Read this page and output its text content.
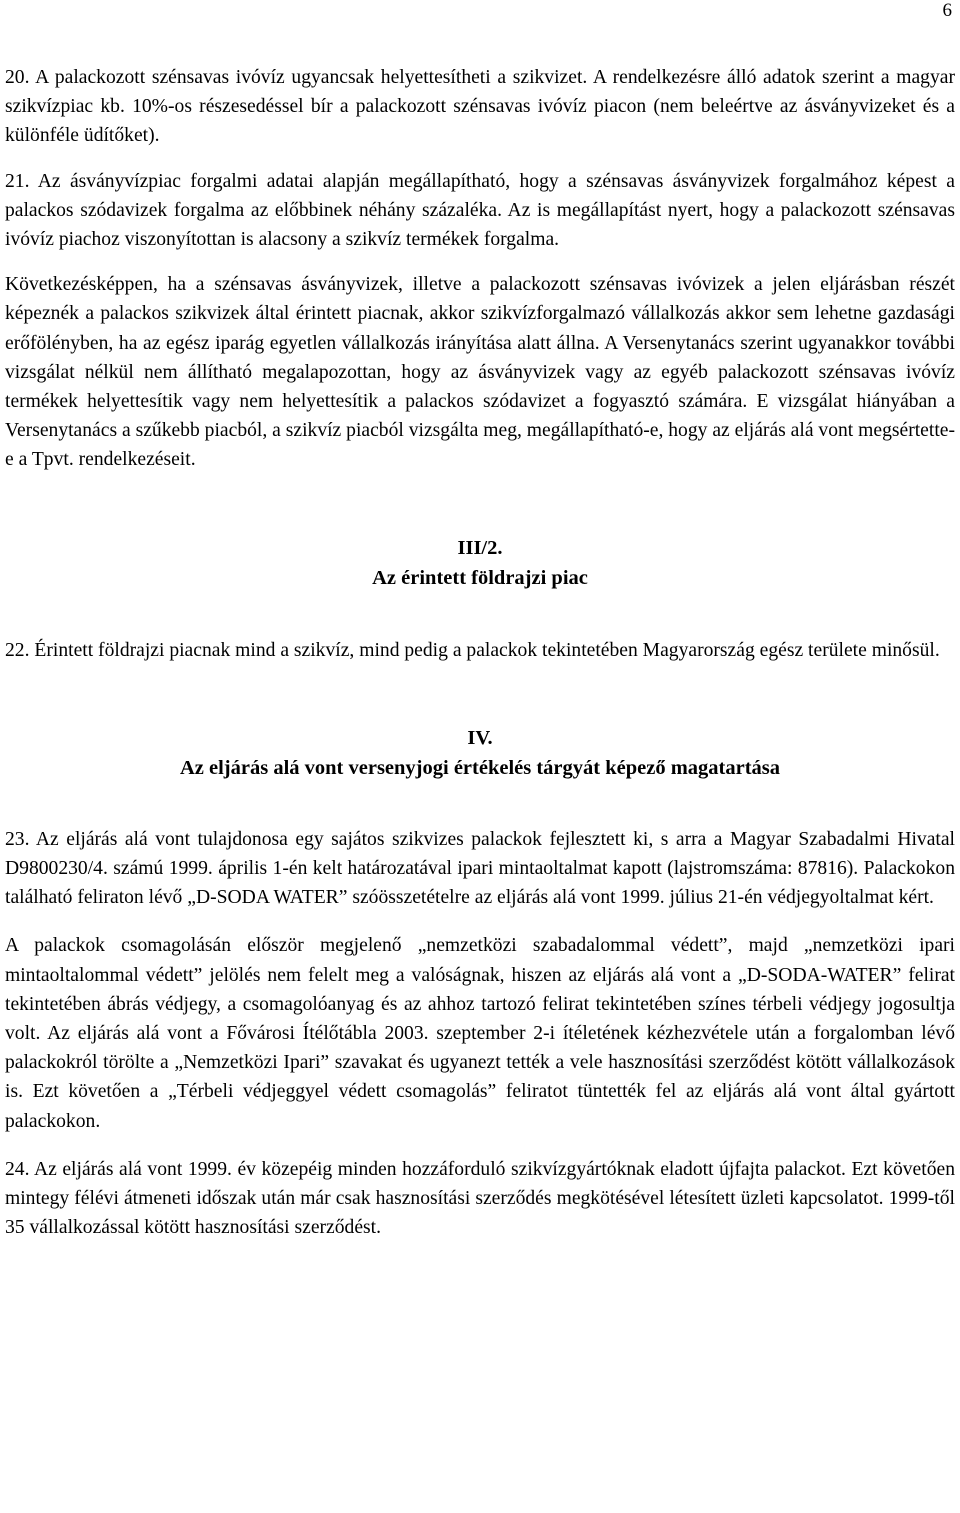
6

20. A palackozott szénsavas ivóvíz ugyancsak helyettesítheti a szikvizet. A rendelkezésre álló adatok szerint a magyar szikvízpiac kb. 10%-os részesedéssel bír a palackozott szénsavas ivóvíz piacon (nem beleértve az ásványvizeket és a különféle üdítőket).

21. Az ásványvízpiac forgalmi adatai alapján megállapítható, hogy a szénsavas ásványvizek forgalmához képest a palackos szódavizek forgalma az előbbinek néhány százaléka. Az is megállapítást nyert, hogy a palackozott szénsavas ivóvíz piachoz viszonyítottan is alacsony a szikvíz termékek forgalma.

Következésképpen, ha a szénsavas ásványvizek, illetve a palackozott szénsavas ivóvizek a jelen eljárásban részét képeznék a palackos szikvizek által érintett piacnak, akkor szikvízforgalmazó vállalkozás akkor sem lehetne gazdasági erőfölényben, ha az egész iparág egyetlen vállalkozás irányítása alatt állna. A Versenytanács szerint ugyanakkor további vizsgálat nélkül nem állítható megalapozottan, hogy az ásványvizek vagy az egyéb palackozott szénsavas ivóvíz termékek helyettesítik vagy nem helyettesítik a palackos szódavizet a fogyasztó számára. E vizsgálat hiányában a Versenytanács a szűkebb piacból, a szikvíz piacból vizsgálta meg, megállapítható-e, hogy az eljárás alá vont megsértette-e a Tpvt. rendelkezéseit.

III/2.

Az érintett földrajzi piac

22. Érintett földrajzi piacnak mind a szikvíz, mind pedig a palackok tekintetében Magyarország egész területe minősül.

IV.

Az eljárás alá vont versenyjogi értékelés tárgyát képező magatartása

23. Az eljárás alá vont tulajdonosa egy sajátos szikvizes palackok fejlesztett ki, s arra a Magyar Szabadalmi Hivatal D9800230/4. számú 1999. április 1-én kelt határozatával ipari mintaoltalmat kapott (lajstromszáma: 87816). Palackokon található feliraton lévő „D-SODA WATER” szóösszetételre az eljárás alá vont 1999. július 21-én védjegyoltalmat kért.

A palackok csomagolásán először megjelenő „nemzetközi szabadalommal védett”, majd „nemzetközi ipari mintaoltalommal védett” jelölés nem felelt meg a valóságnak, hiszen az eljárás alá vont a „D-SODA-WATER” felirat tekintetében ábrás védjegy, a csomagolóanyag és az ahhoz tartozó felirat tekintetében színes térbeli védjegy jogosultja volt. Az eljárás alá vont a Fővárosi Ítélőtábla 2003. szeptember 2-i ítéletének kézhezvétele után a forgalomban lévő palackokról törölte a „Nemzetközi Ipari” szavakat és ugyanezt tették a vele hasznosítási szerződést kötött vállalkozások is. Ezt követően a „Térbeli védjeggyel védett csomagolás” feliratot tüntették fel az eljárás alá vont által gyártott palackokon.

24. Az eljárás alá vont 1999. év közepéig minden hozzáforduló szikvízgyártóknak eladott újfajta palackot. Ezt követően mintegy félévi átmeneti időszak után már csak hasznosítási szerződés megkötésével létesített üzleti kapcsolatot. 1999-től 35 vállalkozással kötött hasznosítási szerződést.
